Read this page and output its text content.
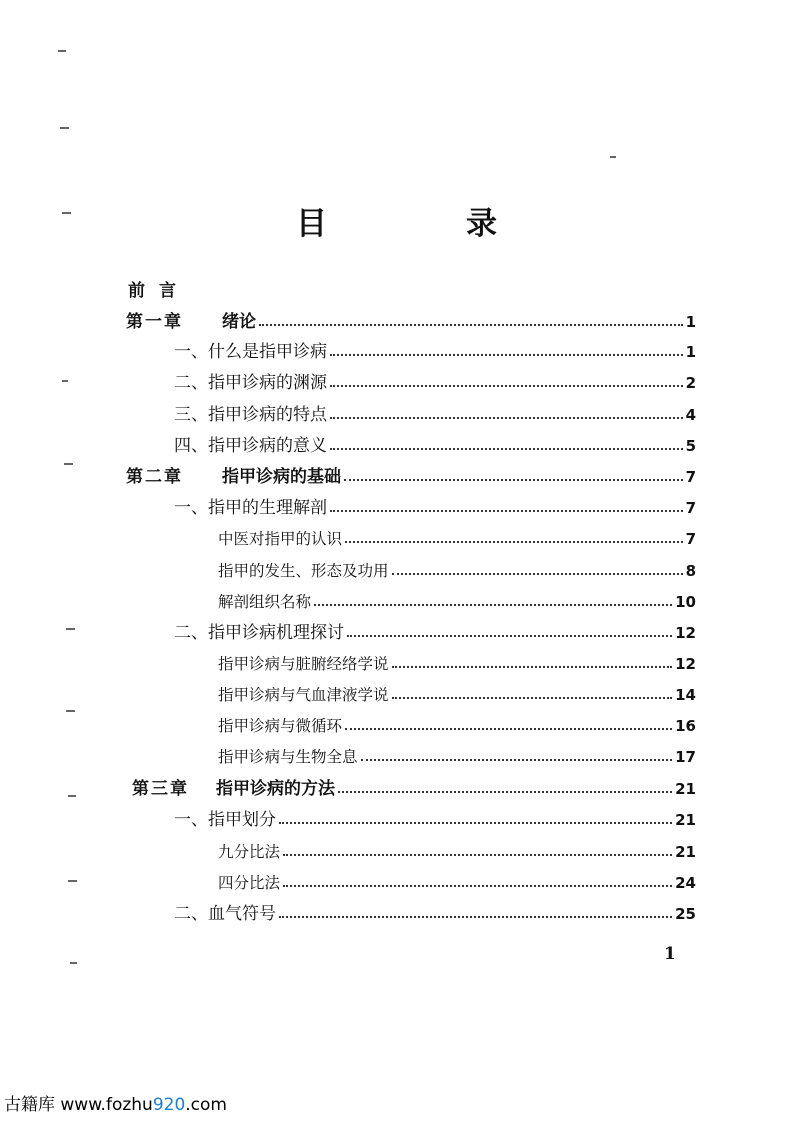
目　录
前言
第一章 绪论	1
一、什么是指甲诊病	1
二、指甲诊病的渊源	2
三、指甲诊病的特点	4
四、指甲诊病的意义	5
第二章 指甲诊病的基础	7
一、指甲的生理解剖	7
中医对指甲的认识	7
指甲的发生、形态及功用	8
解剖组织名称	10
二、指甲诊病机理探讨	12
指甲诊病与脏腑经络学说	12
指甲诊病与气血津液学说	14
指甲诊病与微循环	16
指甲诊病与生物全息	17
第三章 指甲诊病的方法	21
一、指甲划分	21
九分比法	21
四分比法	24
二、血气符号	25
1
古籍库 www.fozhu920.com
